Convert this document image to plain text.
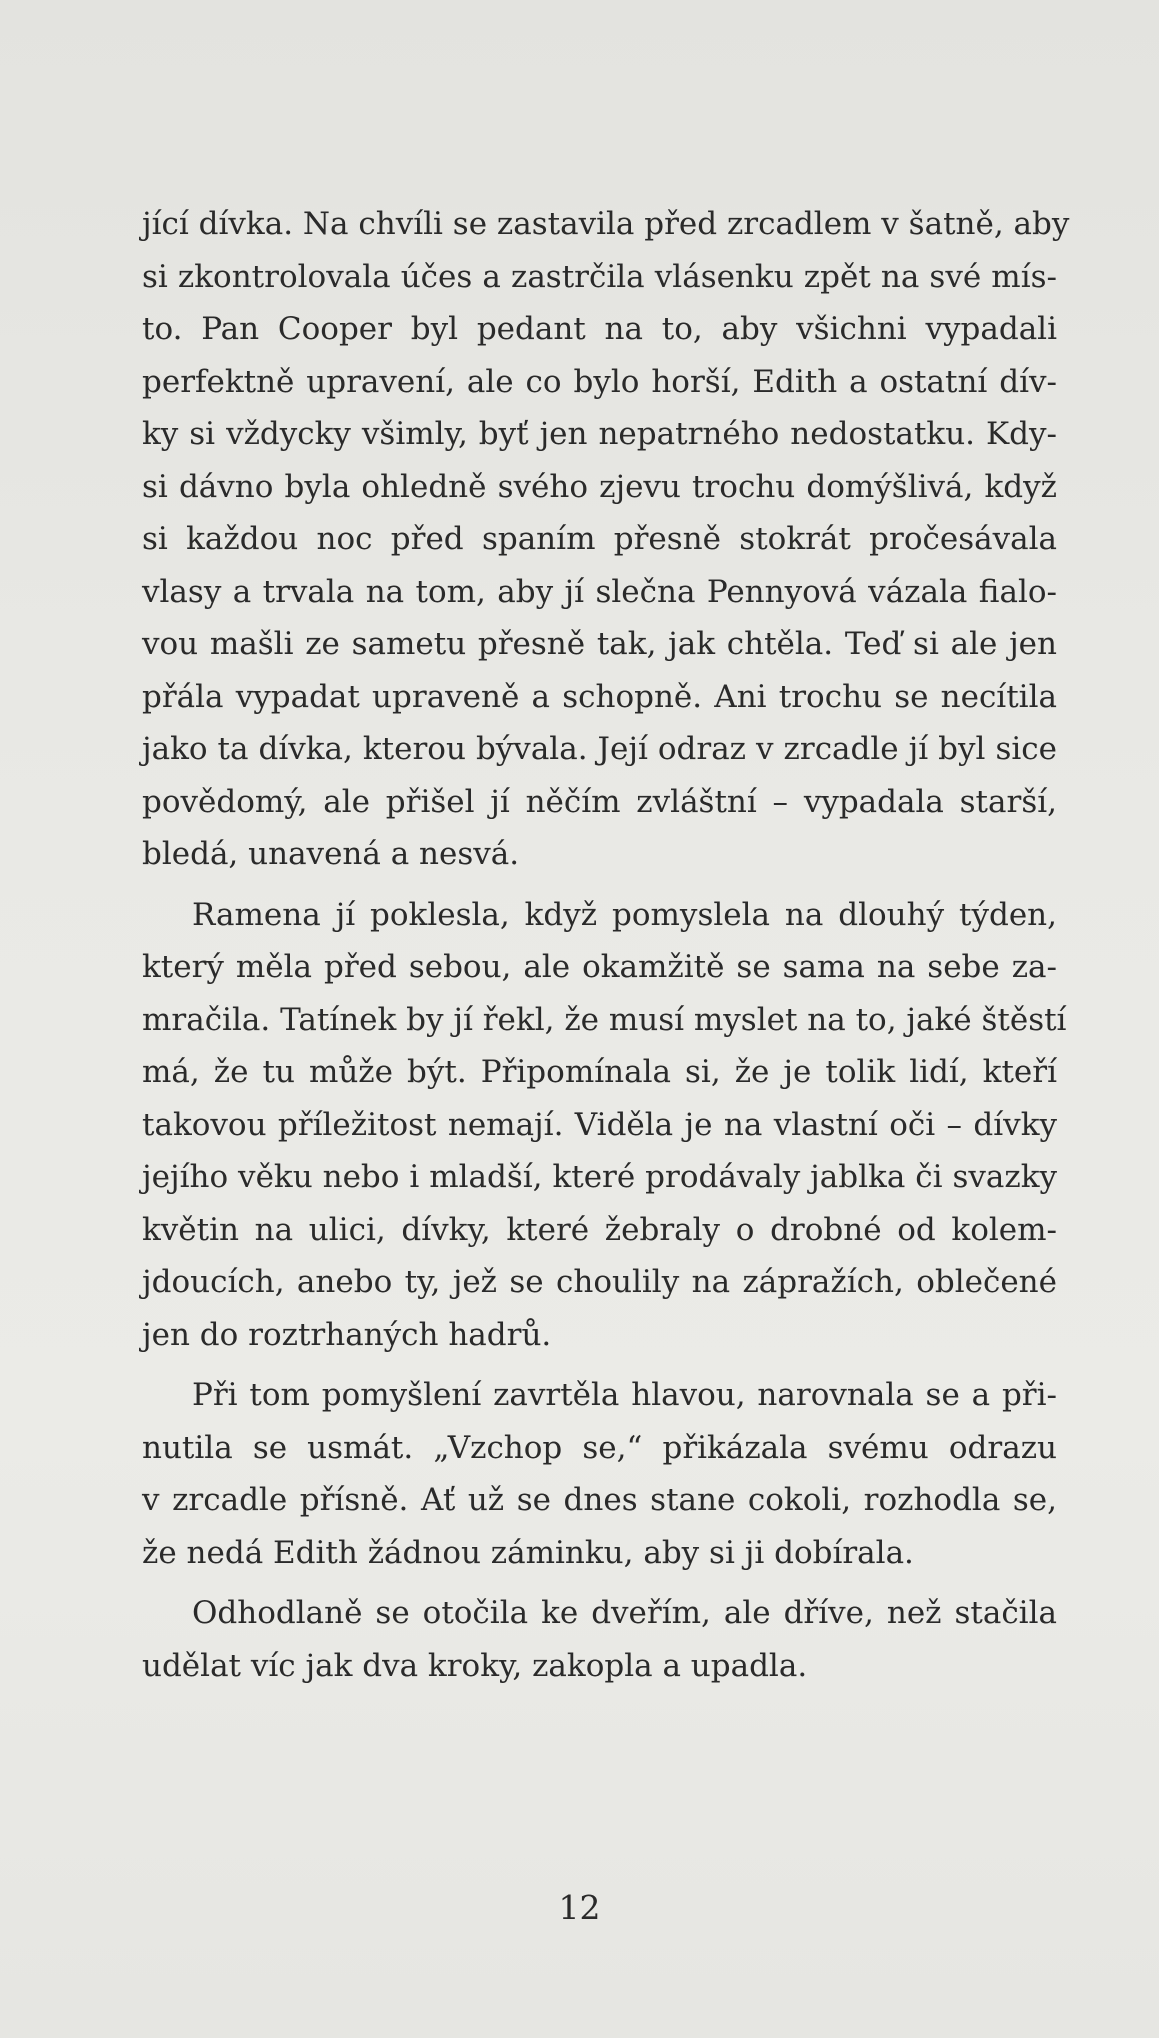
jící dívka. Na chvíli se zastavila před zrcadlem v šatně, aby
si zkontrolovala účes a zastrčila vlásenku zpět na své mís-
to. Pan Cooper byl pedant na to, aby všichni vypadali
perfektně upravení, ale co bylo horší, Edith a ostatní dív-
ky si vždycky všimly, byť jen nepatrného nedostatku. Kdy-
si dávno byla ohledně svého zjevu trochu domýšlivá, když
si každou noc před spaním přesně stokrát pročesávala
vlasy a trvala na tom, aby jí slečna Pennyová vázala fialo-
vou mašli ze sametu přesně tak, jak chtěla. Teď si ale jen
přála vypadat upraveně a schopně. Ani trochu se necítila
jako ta dívka, kterou bývala. Její odraz v zrcadle jí byl sice
povědomý, ale přišel jí něčím zvláštní – vypadala starší,
bledá, unavená a nesvá.

Ramena jí poklesla, když pomyslela na dlouhý týden,
který měla před sebou, ale okamžitě se sama na sebe za-
mračila. Tatínek by jí řekl, že musí myslet na to, jaké štěstí
má, že tu může být. Připomínala si, že je tolik lidí, kteří
takovou příležitost nemají. Viděla je na vlastní oči – dívky
jejího věku nebo i mladší, které prodávaly jablka či svazky
květin na ulici, dívky, které žebraly o drobné od kolem-
jdoucích, anebo ty, jež se choulily na zápražích, oblečené
jen do roztrhaných hadrů.

Při tom pomyšlení zavrtěla hlavou, narovnala se a při-
nutila se usmát. „Vzchop se,“ přikázala svému odrazu
v zrcadle přísně. Ať už se dnes stane cokoli, rozhodla se,
že nedá Edith žádnou záminku, aby si ji dobírala.

Odhodlaně se otočila ke dveřím, ale dříve, než stačila
udělat víc jak dva kroky, zakopla a upadla.

12
